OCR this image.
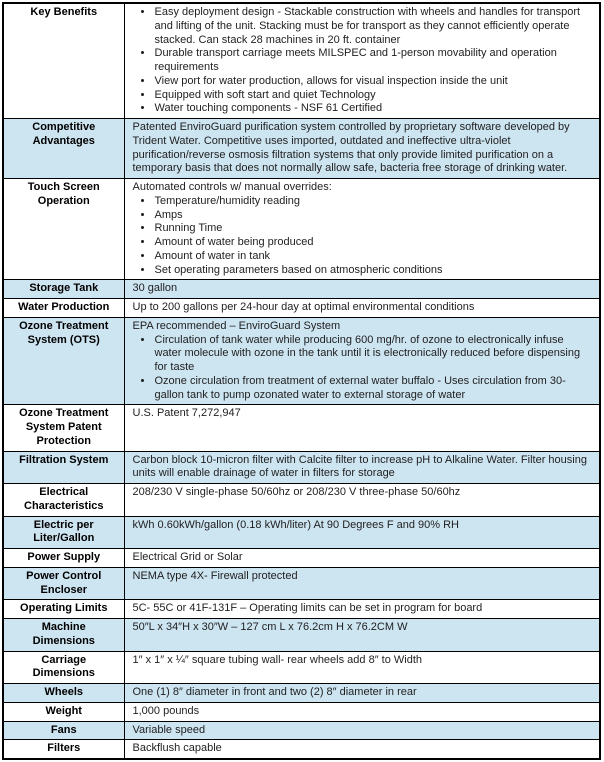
Key Benefits	
•Easy deployment design - Stackable construction with wheels and handles for transport and lifting of the unit. Stacking must be for transport as they cannot efficiently operate stacked. Can stack 28 machines in 20 ft. container
• Durable transport carriage meets MILSPEC and 1-person movability and operation requirements
• View port for water production, allows for visual inspection inside the unit
• Equipped with soft start and quiet Technology
• Water touching components - NSF 61 Certified

Competitive Advantages	Patented EnviroGuard purification system controlled by proprietary software developed by Trident Water. Competitive uses imported, outdated and ineffective ultra-violet purification/reverse osmosis filtration systems that only provide limited purification on a temporary basis that does not normally allow safe, bacteria free storage of drinking water.

Touch Screen Operation	
Automated controls w/ manual overrides:
• Temperature/humidity reading
• Amps
• Running Time
• Amount of water being produced
• Amount of water in tank
• Set operating parameters based on atmospheric conditions

Storage Tank	30 gallon

Water Production	Up to 200 gallons per 24-hour day at optimal environmental conditions

Ozone Treatment System (OTS)	
EPA recommended – EnviroGuard System
• Circulation of tank water while producing 600 mg/hr. of ozone to electronically infuse water molecule with ozone in the tank until it is electronically reduced before dispensing for taste
• Ozone circulation from treatment of external water buffalo - Uses circulation from 30-gallon tank to pump ozonated water to external storage of water

Ozone Treatment System Patent Protection	U.S. Patent 7,272,947

Filtration System	Carbon block 10-micron filter with Calcite filter to increase pH to Alkaline Water. Filter housing units will enable drainage of water in filters for storage

Electrical Characteristics	208/230 V single-phase 50/60hz or 208/230 V three-phase 50/60hz

Electric per Liter/Gallon	kWh 0.60kWh/gallon (0.18 kWh/liter) At 90 Degrees F and 90% RH

Power Supply	Electrical Grid or Solar

Power Control Encloser	NEMA type 4X- Firewall protected

Operating Limits	5C- 55C or 41F-131F – Operating limits can be set in program for board

Machine Dimensions	50″L x 34″H x 30″W – 127 cm L x 76.2cm H x 76.2CM W

Carriage Dimensions	1″ x 1″ x ¼″ square tubing wall- rear wheels add 8″ to Width

Wheels	One (1) 8″ diameter in front and two (2) 8″ diameter in rear

Weight	1,000 pounds

Fans	Variable speed

Filters	Backflush capable
